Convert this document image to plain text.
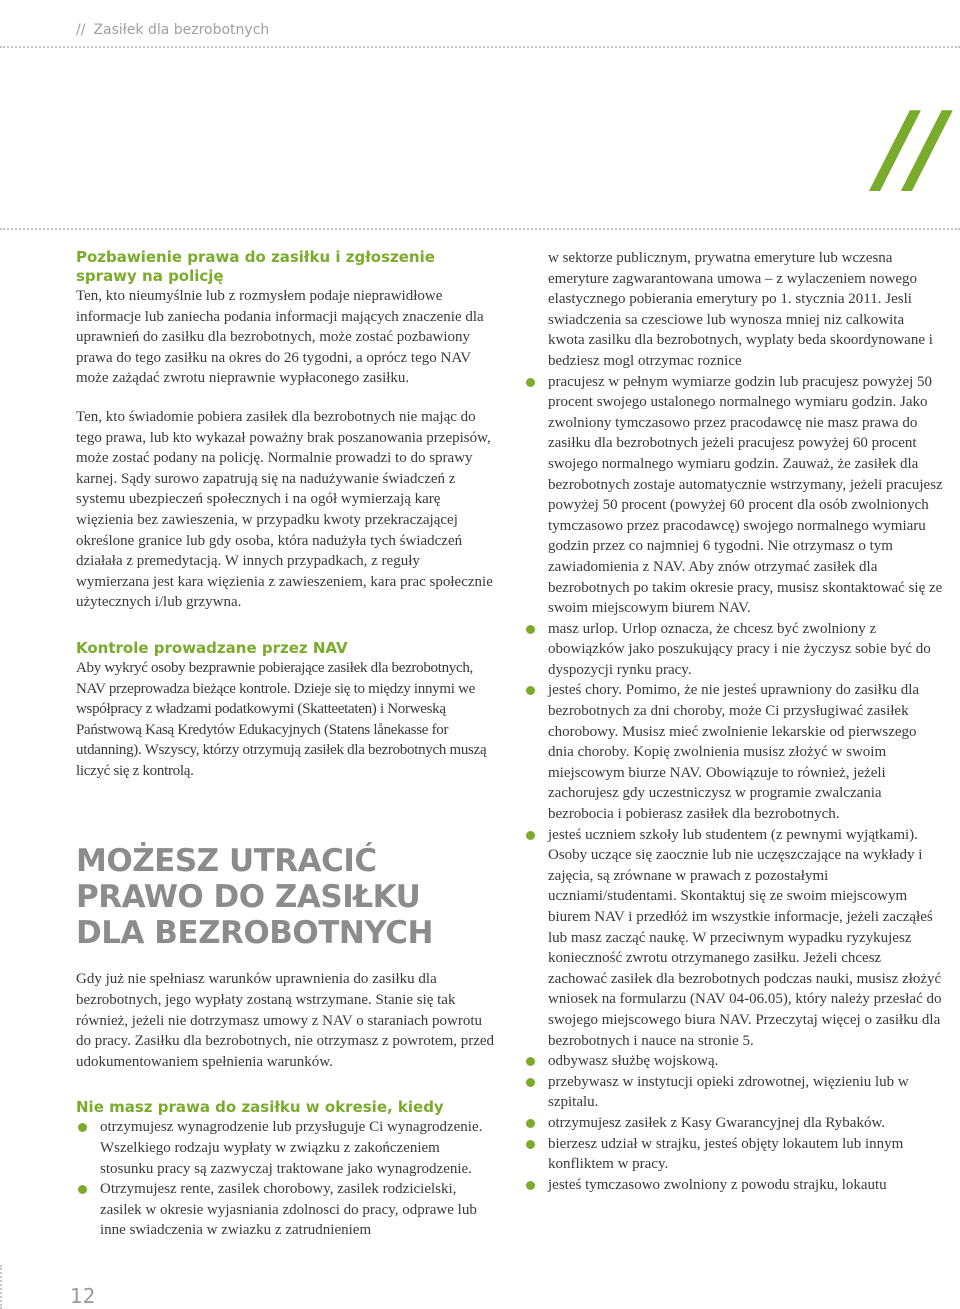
// Zasiłek dla bezrobotnych
//
Pozbawienie prawa do zasiłku i zgłoszenie sprawy na policję

Ten, kto nieumyślnie lub z rozmysłem podaje nieprawidłowe informacje lub zaniecha podania informacji mających znaczenie dla uprawnień do zasiłku dla bezrobotnych, może zostać pozbawiony prawa do tego zasiłku na okres do 26 tygodni, a oprócz tego NAV może zażądać zwrotu nieprawnie wypłaconego zasiłku.

Ten, kto świadomie pobiera zasiłek dla bezrobotnych nie mając do tego prawa, lub kto wykazał poważny brak poszanowania przepisów, może zostać podany na policję. Normalnie prowadzi to do sprawy karnej. Sądy surowo zapatrują się na nadużywanie świadczeń z systemu ubezpieczeń społecznych i na ogół wymierzają karę więzienia bez zawieszenia, w przypadku kwoty przekraczającej określone granice lub gdy osoba, która nadużyła tych świadczeń działała z premedytacją. W innych przypadkach, z reguły wymierzana jest kara więzienia z zawieszeniem, kara prac społecznie użytecznych i/lub grzywna.

Kontrole prowadzane przez NAV

Aby wykryć osoby bezprawnie pobierające zasiłek dla bezrobotnych, NAV przeprowadza bieżące kontrole. Dzieje się to między innymi we współpracy z władzami podatkowymi (Skatteetaten) i Norweską Państwową Kasą Kredytów Edukacyjnych (Statens lånekasse for utdanning). Wszyscy, którzy otrzymują zasiłek dla bezrobotnych muszą liczyć się z kontrolą.

MOŻESZ UTRACIĆ PRAWO DO ZASIŁKU DLA BEZROBOTNYCH

Gdy już nie spełniasz warunków uprawnienia do zasiłku dla bezrobotnych, jego wypłaty zostaną wstrzymane. Stanie się tak również, jeżeli nie dotrzymasz umowy z NAV o staraniach powrotu do pracy. Zasiłku dla bezrobotnych, nie otrzymasz z powrotem, przed udokumentowaniem spełnienia warunków.

Nie masz prawa do zasiłku w okresie, kiedy
otrzymujesz wynagrodzenie lub przysługuje Ci wynagrodzenie. Wszelkiego rodzaju wypłaty w związku z zakończeniem stosunku pracy są zazwyczaj traktowane jako wynagrodzenie.
Otrzymujesz rente, zasilek chorobowy, zasilek rodzicielski, zasilek w okresie wyjasniania zdolnosci do pracy, odprawe lub inne swiadczenia w zwiazku z zatrudnieniem

w sektorze publicznym, prywatna emeryture lub wczesna emeryture zagwarantowana umowa – z wylaczeniem nowego elastycznego pobierania emerytury po 1. stycznia 2011. Jesli swiadczenia sa czesciowe lub wynosza mniej niz calkowita kwota zasilku dla bezrobotnych, wyplaty beda skoordynowane i bedziesz mogl otrzymac roznice

pracujesz w pełnym wymiarze godzin lub pracujesz powyżej 50 procent swojego ustalonego normalnego wymiaru godzin. Jako zwolniony tymczasowo przez pracodawcę nie masz prawa do zasiłku dla bezrobotnych jeżeli pracujesz powyżej 60 procent swojego normalnego wymiaru godzin. Zauważ, że zasiłek dla bezrobotnych zostaje automatycznie wstrzymany, jeżeli pracujesz powyżej 50 procent (powyżej 60 procent dla osób zwolnionych tymczasowo przez pracodawcę) swojego normalnego wymiaru godzin przez co najmniej 6 tygodni. Nie otrzymasz o tym zawiadomienia z NAV. Aby znów otrzymać zasiłek dla bezrobotnych po takim okresie pracy, musisz skontaktować się ze swoim miejscowym biurem NAV.
masz urlop. Urlop oznacza, że chcesz być zwolniony z obowiązków jako poszukujący pracy i nie życzysz sobie być do dyspozycji rynku pracy.
jesteś chory. Pomimo, że nie jesteś uprawniony do zasiłku dla bezrobotnych za dni choroby, może Ci przysługiwać zasiłek chorobowy. Musisz mieć zwolnienie lekarskie od pierwszego dnia choroby. Kopię zwolnienia musisz złożyć w swoim miejscowym biurze NAV. Obowiązuje to również, jeżeli zachorujesz gdy uczestniczysz w programie zwalczania bezrobocia i pobierasz zasiłek dla bezrobotnych.
jesteś uczniem szkoły lub studentem (z pewnymi wyjątkami). Osoby uczące się zaocznie lub nie uczęszczające na wykłady i zajęcia, są zrównane w prawach z pozostałymi uczniami/studentami. Skontaktuj się ze swoim miejscowym biurem NAV i przedłóż im wszystkie informacje, jeżeli zacząłeś lub masz zacząć naukę. W przeciwnym wypadku ryzykujesz konieczność zwrotu otrzymanego zasiłku. Jeżeli chcesz zachować zasiłek dla bezrobotnych podczas nauki, musisz złożyć wniosek na formularzu (NAV 04-06.05), który należy przesłać do swojego miejscowego biura NAV. Przeczytaj więcej o zasiłku dla bezrobotnych i nauce na stronie 5.
odbywasz służbę wojskową.
przebywasz w instytucji opieki zdrowotnej, więzieniu lub w szpitalu.
otrzymujesz zasiłek z Kasy Gwarancyjnej dla Rybaków.
bierzesz udział w strajku, jesteś objęty lokautem lub innym konfliktem w pracy.
jesteś tymczasowo zwolniony z powodu strajku, lokautu
12
